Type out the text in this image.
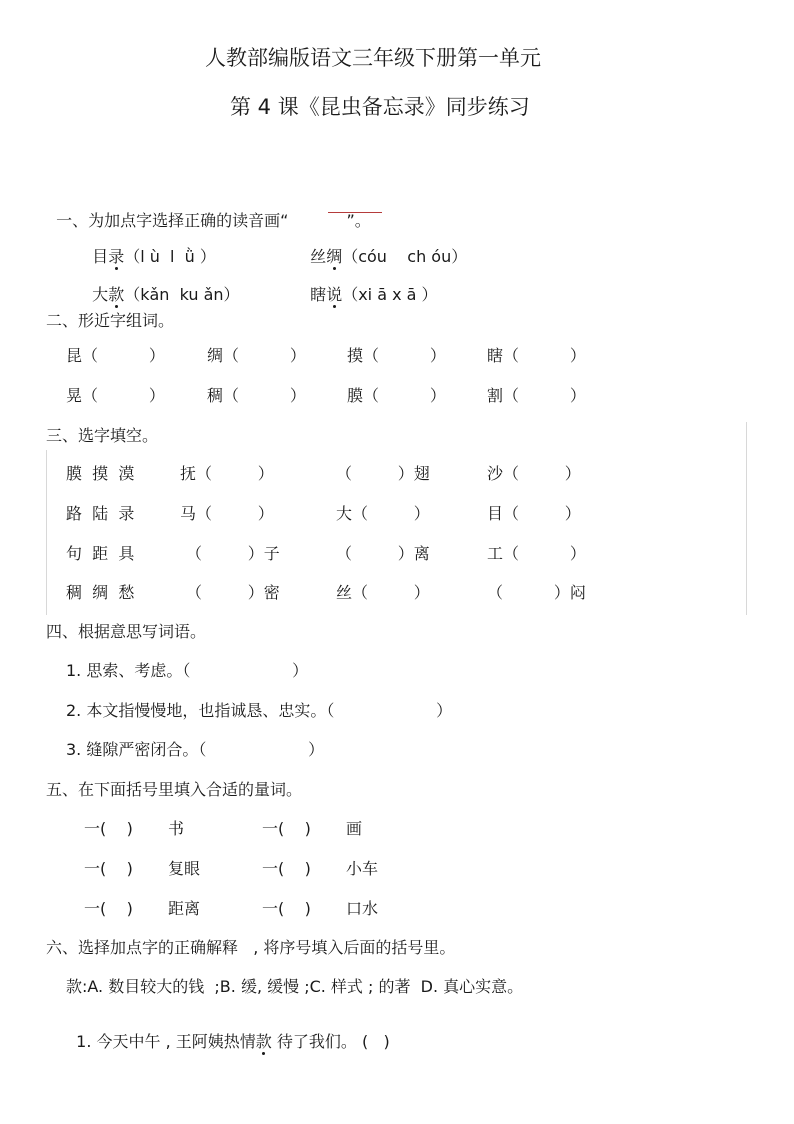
人教部编版语文三年级下册第一单元
第 4 课《昆虫备忘录》同步练习

一、为加点字选择正确的读音画“	”。

目录（l ù  l  ǜ ）	丝绸（cóu    ch óu）

大款（kǎn  ku ǎn）	瞎说（xi ā x ā ）

二、形近字组词。
昆（          ）	绸（          ）	摸（          ）	瞎（          ）
晃（          ）	稠（          ）	膜（          ）	割（          ）
三、选字填空。
膜  摸  漠	抚（         ）	（         ）翅	沙（         ）
路  陆  录	马（         ）	大（         ）	目（         ）
句  距  具	（         ）子	（         ）离	工（          ）
稠  绸  愁	（         ）密	丝（         ）	（          ）闷
四、根据意思写词语。
1. 思索、考虑。（                    ）
2. 本文指慢慢地，也指诚恳、忠实。（                    ）
3. 缝隙严密闭合。（                    ）
五、在下面括号里填入合适的量词。
一(    ) 书	一(    ) 画
一(    ) 复眼	一(    ) 小车
一(    ) 距离	一(    ) 口水
六、选择加点字的正确解释   , 将序号填入后面的括号里。
款:A. 数目较大的钱  ;B. 缓, 缓慢 ;C. 样式 ; 的著  D. 真心实意。

1. 今天中午 , 王阿姨热情款 待了我们。 (   )
